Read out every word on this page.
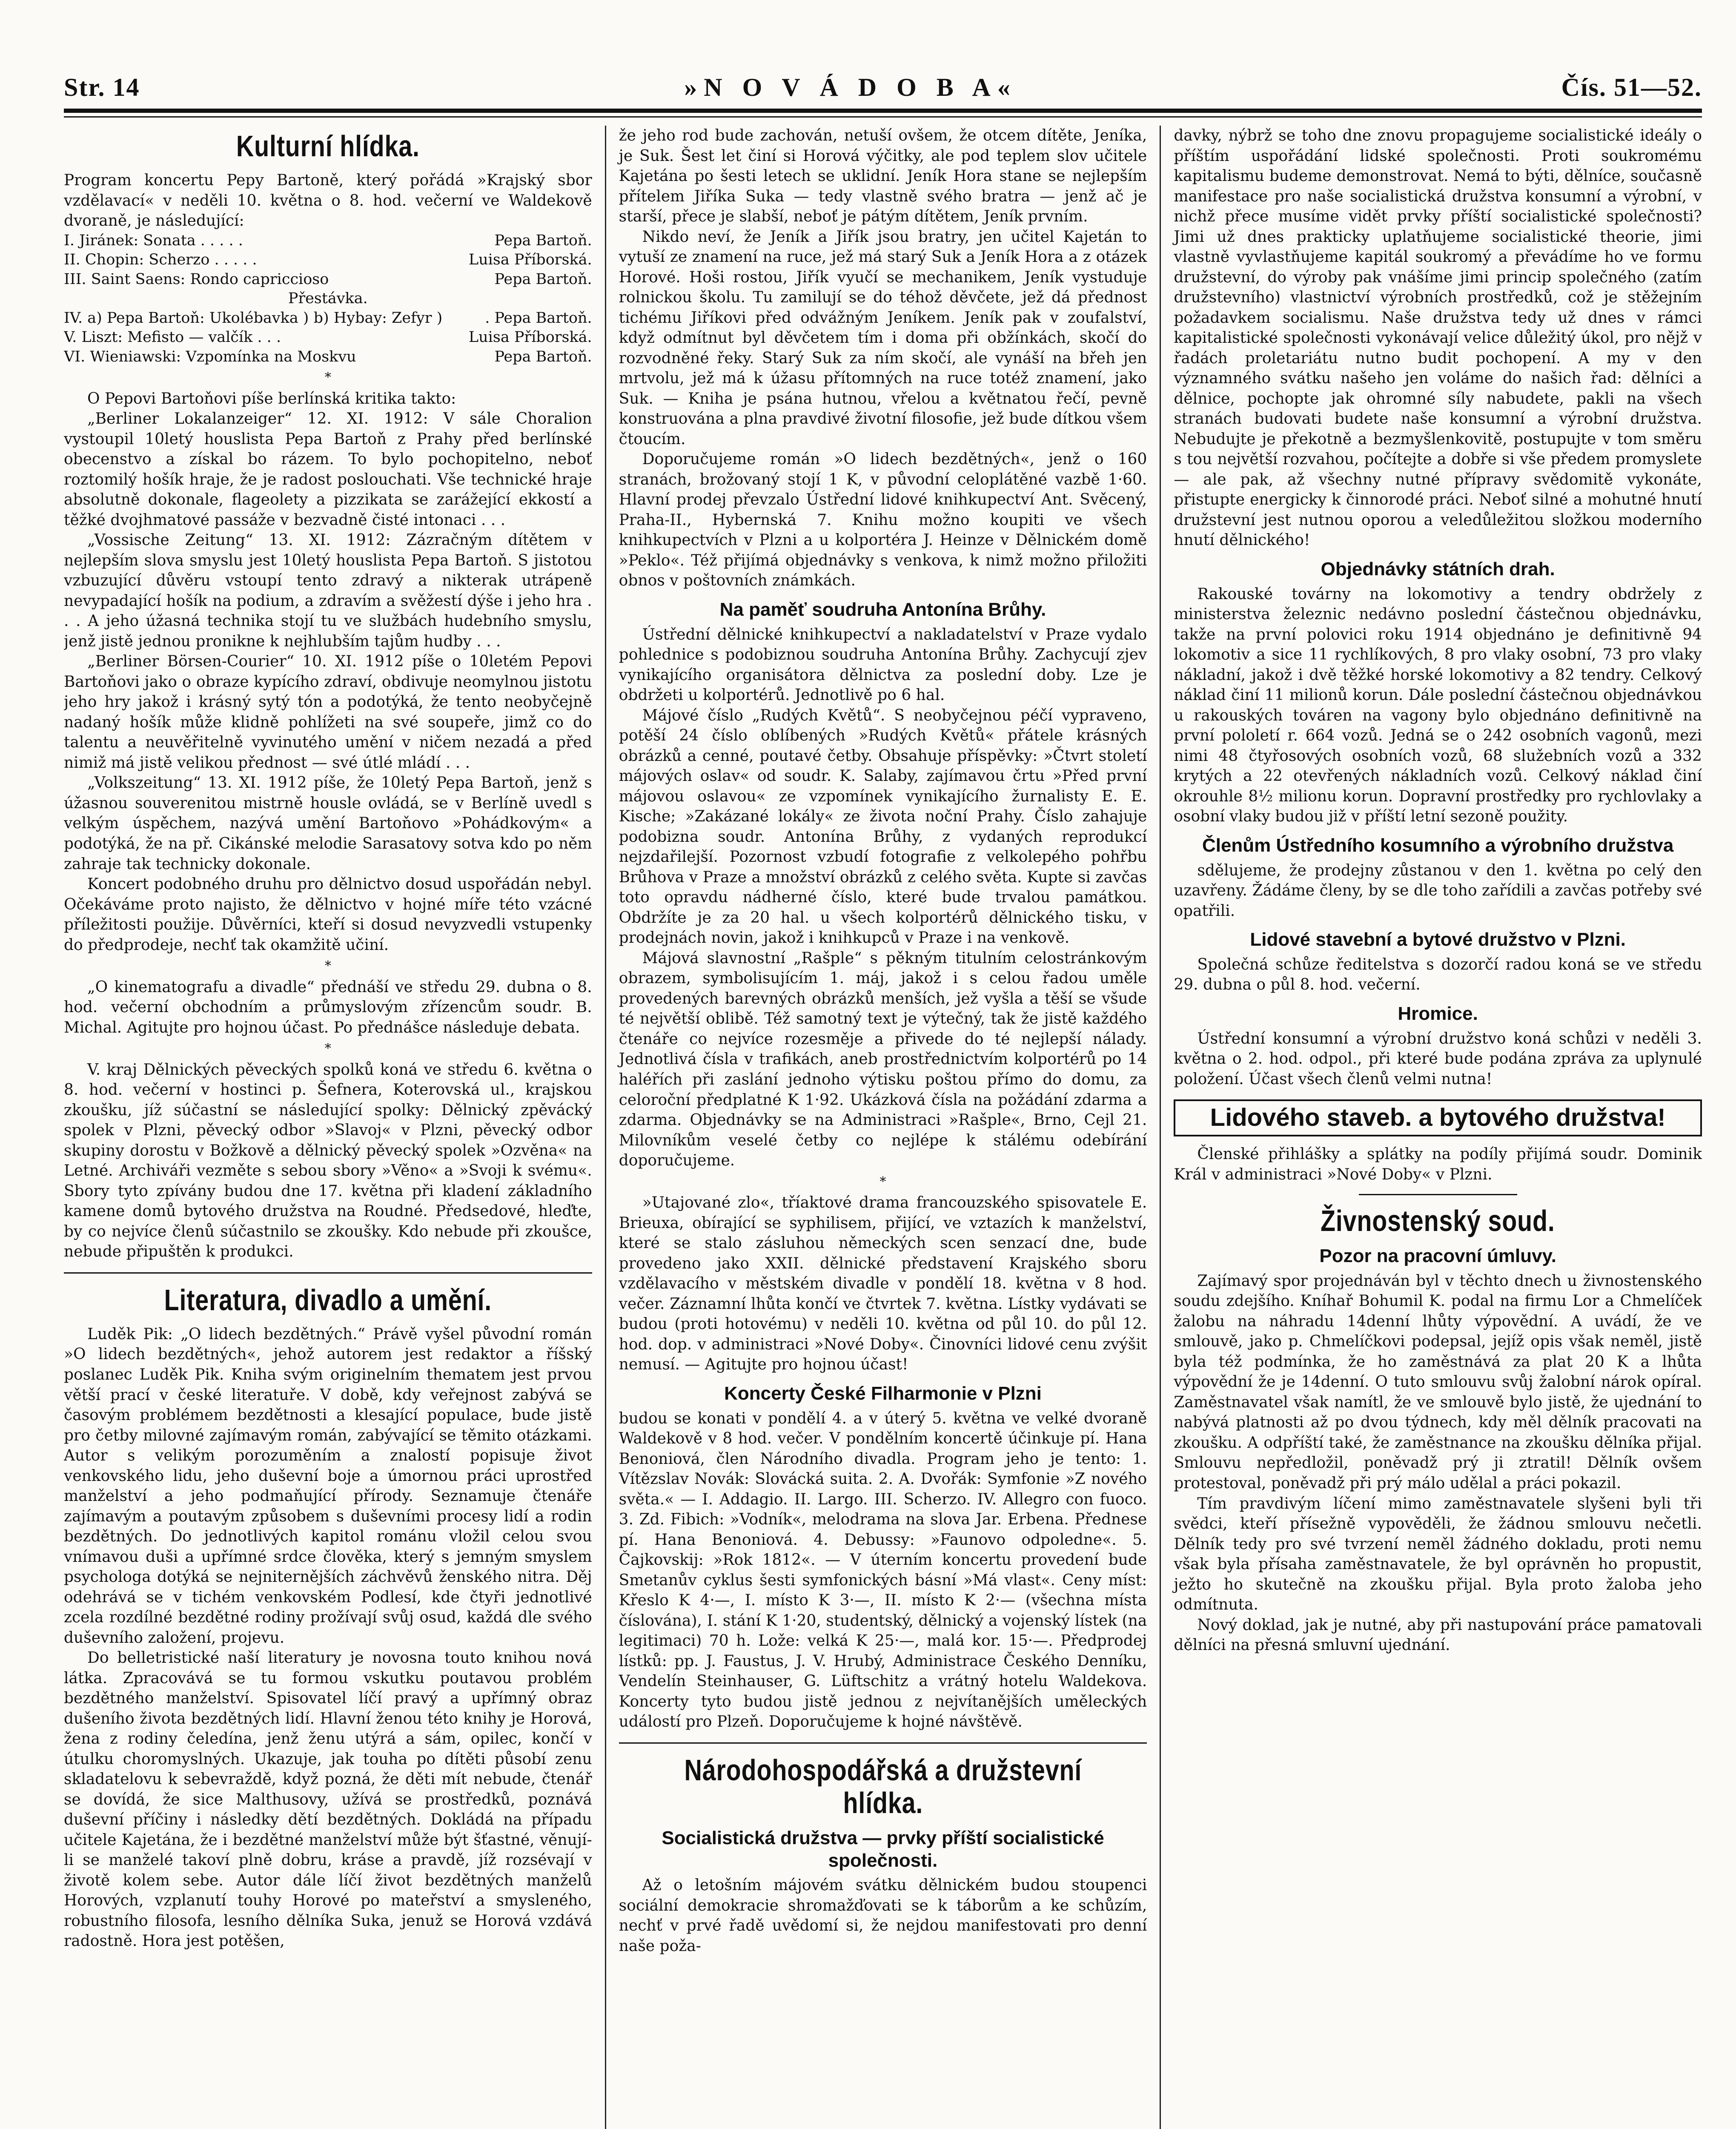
Str. 14	»N O V Á D O B A«	Čís. 51—52.
Kulturní hlídka.

Program koncertu Pepy Bartoně, který pořádá »Krajský sbor vzdělavací« v neděli 10. května o 8. hod. večerní ve Waldekově dvoraně, je následující:

I. Jiránek: Sonata . . . . .	Pepa Bartoň.
II. Chopin: Scherzo . . . . .	Luisa Příborská.
III. Saint Saens: Rondo capriccioso	Pepa Bartoň.
Přestávka.
IV. a) Pepa Bartoň: Ukolébavka ) b) Hybay: Zefyr )	. Pepa Bartoň.
V. Liszt: Mefisto — valčík . . .	Luisa Příborská.
VI. Wieniawski: Vzpomínka na Moskvu	Pepa Bartoň.
*

O Pepovi Bartoňovi píše berlínská kritika takto:

„Berliner Lokalanzeiger“ 12. XI. 1912: V sále Choralion vystoupil 10letý houslista Pepa Bartoň z Prahy před berlínské obecenstvo a získal bo rázem. To bylo pochopitelno, neboť roztomilý hošík hraje, že je radost poslouchati. Vše technické hraje absolutně dokonale, flageolety a pizzikata se zarážející ekkostí a těžké dvojhmatové passáže v bezvadně čisté intonaci . . .

„Vossische Zeitung“ 13. XI. 1912: Zázračným dítětem v nejlepším slova smyslu jest 10letý houslista Pepa Bartoň. S jistotou vzbuzující důvěru vstoupí tento zdravý a nikterak utrápeně nevypadající hošík na podium, a zdravím a svěžestí dýše i jeho hra . . . A jeho úžasná technika stojí tu ve službách hudebního smyslu, jenž jistě jednou pronikne k nejhlubším tajům hudby . . .

„Berliner Börsen-Courier“ 10. XI. 1912 píše o 10letém Pepovi Bartoňovi jako o obraze kypícího zdraví, obdivuje neomylnou jistotu jeho hry jakož i krásný sytý tón a podotýká, že tento neobyčejně nadaný hošík může klidně pohlížeti na své soupeře, jimž co do talentu a neuvěřitelně vyvinutého umění v ničem nezadá a před nimiž má jistě velikou přednost — své útlé mládí . . .

„Volkszeitung“ 13. XI. 1912 píše, že 10letý Pepa Bartoň, jenž s úžasnou souverenitou mistrně housle ovládá, se v Berlíně uvedl s velkým úspěchem, nazývá umění Bartoňovo »Pohádkovým« a podotýká, že na př. Cikánské melodie Sarasatovy sotva kdo po něm zahraje tak technicky dokonale.

Koncert podobného druhu pro dělnictvo dosud uspořádán nebyl. Očekáváme proto najisto, že dělnictvo v hojné míře této vzácné příležitosti použije. Důvěrníci, kteří si dosud nevyzvedli vstupenky do předprodeje, nechť tak okamžitě učiní.

*

„O kinematografu a divadle“ přednáší ve středu 29. dubna o 8. hod. večerní obchodním a průmyslovým zřízencům soudr. B. Michal. Agitujte pro hojnou účast. Po přednášce následuje debata.

*

V. kraj Dělnických pěveckých spolků koná ve středu 6. května o 8. hod. večerní v hostinci p. Šefnera, Koterovská ul., krajskou zkoušku, jíž súčastní se následující spolky: Dělnický zpěvácký spolek v Plzni, pěvecký odbor »Slavoj« v Plzni, pěvecký odbor skupiny dorostu v Božkově a dělnický pěvecký spolek »Ozvěna« na Letné. Archiváři vezměte s sebou sbory »Věno« a »Svoji k svému«. Sbory tyto zpívány budou dne 17. května při kladení základního kamene domů bytového družstva na Roudné. Předsedové, hleďte, by co nejvíce členů súčastnilo se zkoušky. Kdo nebude při zkoušce, nebude připuštěn k produkci.

Literatura, divadlo a umění.

Luděk Pik: „O lidech bezdětných.“ Právě vyšel původní román »O lidech bezdětných«, jehož autorem jest redaktor a říšský poslanec Luděk Pik. Kniha svým originelním thematem jest prvou větší prací v české literatuře. V době, kdy veřejnost zabývá se časovým problémem bezdětnosti a klesající populace, bude jistě pro četby milovné zajímavým román, zabývající se těmito otázkami. Autor s velikým porozuměním a znalostí popisuje život venkovského lidu, jeho duševní boje a úmornou práci uprostřed manželství a jeho podmaňující přírody. Seznamuje čtenáře zajímavým a poutavým způsobem s duševními procesy lidí a rodin bezdětných. Do jednotlivých kapitol románu vložil celou svou vnímavou duši a upřímné srdce člověka, který s jemným smyslem psychologa dotýká se nejniternějších záchvěvů ženského nitra. Děj odehrává se v tichém venkovském Podlesí, kde čtyři jednotlivé zcela rozdílné bezdětné rodiny prožívají svůj osud, každá dle svého duševního založení, projevu.

Do belletristické naší literatury je novosna touto knihou nová látka. Zpracovává se tu formou vskutku poutavou problém bezdětného manželství. Spisovatel líčí pravý a upřímný obraz dušeního života bezdětných lidí. Hlavní ženou této knihy je Horová, žena z rodiny čeledína, jenž ženu utýrá a sám, opilec, končí v útulku choromyslných. Ukazuje, jak touha po dítěti působí zenu skladatelovu k sebevraždě, když pozná, že děti mít nebude, čtenář se dovídá, že sice Malthusovy, užívá se prostředků, poznává duševní příčiny i následky dětí bezdětných. Dokládá na případu učitele Kajetána, že i bezdětné manželství může být šťastné, věnují-li se manželé takoví plně dobru, kráse a pravdě, jíž rozsévají v životě kolem sebe. Autor dále líčí život bezdětných manželů Horových, vzplanutí touhy Horové po mateřství a smysleného, robustního filosofa, lesního dělníka Suka, jenuž se Horová vzdává radostně. Hora jest potěšen,

že jeho rod bude zachován, netuší ovšem, že otcem dítěte, Jeníka, je Suk. Šest let činí si Horová výčitky, ale pod teplem slov učitele Kajetána po šesti letech se uklidní. Jeník Hora stane se nejlepším přítelem Jiříka Suka — tedy vlastně svého bratra — jenž ač je starší, přece je slabší, neboť je pátým dítětem, Jeník prvním.

Nikdo neví, že Jeník a Jiřík jsou bratry, jen učitel Kajetán to vytuší ze znamení na ruce, jež má starý Suk a Jeník Hora a z otázek Horové. Hoši rostou, Jiřík vyučí se mechanikem, Jeník vystuduje rolnickou školu. Tu zamilují se do téhož děvčete, jež dá přednost tichému Jiříkovi před odvážným Jeníkem. Jeník pak v zoufalství, když odmítnut byl děvčetem tím i doma při obžínkách, skočí do rozvodněné řeky. Starý Suk za ním skočí, ale vynáší na břeh jen mrtvolu, jež má k úžasu přítomných na ruce totéž znamení, jako Suk. — Kniha je psána hutnou, vřelou a květnatou řečí, pevně konstruována a plna pravdivé životní filosofie, jež bude dítkou všem čtoucím.

Doporučujeme román »O lidech bezdětných«, jenž o 160 stranách, brožovaný stojí 1 K, v původní celoplátěné vazbě 1·60. Hlavní prodej převzalo Ústřední lidové knihkupectví Ant. Svěcený, Praha-II., Hybernská 7. Knihu možno koupiti ve všech knihkupectvích v Plzni a u kolportéra J. Heinze v Dělnickém domě »Peklo«. Též přijímá objednávky s venkova, k nimž možno přiložiti obnos v poštovních známkách.

Na paměť soudruha Antonína Brůhy.

Ústřední dělnické knihkupectví a nakladatelství v Praze vydalo pohlednice s podobiznou soudruha Antonína Brůhy. Zachycují zjev vynikajícího organisátora dělnictva za poslední doby. Lze je obdržeti u kolportérů. Jednotlivě po 6 hal.

Májové číslo „Rudých Květů“. S neobyčejnou péčí vypraveno, potěší 24 číslo oblíbených »Rudých Květů« přátele krásných obrázků a cenné, poutavé četby. Obsahuje příspěvky: »Čtvrt století májových oslav« od soudr. K. Salaby, zajímavou črtu »Před první májovou oslavou« ze vzpomínek vynikajícího žurnalisty E. E. Kische; »Zakázané lokály« ze života noční Prahy. Číslo zahajuje podobizna soudr. Antonína Brůhy, z vydaných reprodukcí nejzdařilejší. Pozornost vzbudí fotografie z velkolepého pohřbu Brůhova v Praze a množství obrázků z celého světa. Kupte si zavčas toto opravdu nádherné číslo, které bude trvalou památkou. Obdržíte je za 20 hal. u všech kolportérů dělnického tisku, v prodejnách novin, jakož i knihkupců v Praze i na venkově.

Májová slavnostní „Rašple“ s pěkným titulním celostránkovým obrazem, symbolisujícím 1. máj, jakož i s celou řadou uměle provedených barevných obrázků menších, jež vyšla a těší se všude té největší oblibě. Též samotný text je výtečný, tak že jistě každého čtenáře co nejvíce rozesměje a přivede do té nejlepší nálady. Jednotlivá čísla v trafikách, aneb prostřednictvím kolportérů po 14 haléřích při zaslání jednoho výtisku poštou přímo do domu, za celoroční předplatné K 1·92. Ukázková čísla na požádání zdarma a zdarma. Objednávky se na Administraci »Rašple«, Brno, Cejl 21. Milovníkům veselé četby co nejlépe k stálému odebírání doporučujeme.

*

»Utajované zlo«, tříaktové drama francouzského spisovatele E. Brieuxa, obírající se syphilisem, přijící, ve vztazích k manželství, které se stalo zásluhou německých scen senzací dne, bude provedeno jako XXII. dělnické představení Krajského sboru vzdělavacího v městském divadle v pondělí 18. května v 8 hod. večer. Záznamní lhůta končí ve čtvrtek 7. května. Lístky vydávati se budou (proti hotovému) v neděli 10. května od půl 10. do půl 12. hod. dop. v administraci »Nové Doby«. Činovníci lidové cenu zvýšit nemusí. — Agitujte pro hojnou účast!

Koncerty České Filharmonie v Plzni

budou se konati v pondělí 4. a v úterý 5. května ve velké dvoraně Waldekově v 8 hod. večer. V pondělním koncertě účinkuje pí. Hana Benoniová, člen Národního divadla. Program jeho je tento: 1. Vítězslav Novák: Slovácká suita. 2. A. Dvořák: Symfonie »Z nového světa.« — I. Addagio. II. Largo. III. Scherzo. IV. Allegro con fuoco. 3. Zd. Fibich: »Vodník«, melodrama na slova Jar. Erbena. Přednese pí. Hana Benoniová. 4. Debussy: »Faunovo odpoledne«. 5. Čajkovskij: »Rok 1812«. — V úterním koncertu provedení bude Smetanův cyklus šesti symfonických básní »Má vlast«. Ceny míst: Křeslo K 4·—, I. místo K 3·—, II. místo K 2·— (všechna místa číslována), I. stání K 1·20, studentský, dělnický a vojenský lístek (na legitimaci) 70 h. Lože: velká K 25·—, malá kor. 15·—. Předprodej lístků: pp. J. Faustus, J. V. Hrubý, Administrace Českého Denníku, Vendelín Steinhauser, G. Lüftschitz a vrátný hotelu Waldekova. Koncerty tyto budou jistě jednou z nejvítanějších uměleckých událostí pro Plzeň. Doporučujeme k hojné návštěvě.

Národohospodářská a družstevní hlídka.
Socialistická družstva — prvky příští socialistické společnosti.

Až o letošním májovém svátku dělnickém budou stoupenci sociální demokracie shromažďovati se k táborům a ke schůzím, nechť v prvé řadě uvědomí si, že nejdou manifestovati pro denní naše poža-

davky, nýbrž se toho dne znovu propagujeme socialistické ideály o příštím uspořádání lidské společnosti. Proti soukromému kapitalismu budeme demonstrovat. Nemá to býti, dělníce, současně manifestace pro naše socialistická družstva konsumní a výrobní, v nichž přece musíme vidět prvky příští socialistické společnosti? Jimi už dnes prakticky uplatňujeme socialistické theorie, jimi vlastně vyvlastňujeme kapitál soukromý a převádíme ho ve formu družstevní, do výroby pak vnášíme jimi princip společného (zatím družstevního) vlastnictví výrobních prostředků, což je stěžejním požadavkem socialismu. Naše družstva tedy už dnes v rámci kapitalistické společnosti vykonávají velice důležitý úkol, pro nějž v řadách proletariátu nutno budit pochopení. A my v den významného svátku našeho jen voláme do našich řad: dělníci a dělnice, pochopte jak ohromné síly nabudete, pakli na všech stranách budovati budete naše konsumní a výrobní družstva. Nebudujte je překotně a bezmyšlenkovitě, postupujte v tom směru s tou největší rozvahou, počítejte a dobře si vše předem promyslete — ale pak, až všechny nutné přípravy svědomitě vykonáte, přistupte energicky k činnorodé práci. Neboť silné a mohutné hnutí družstevní jest nutnou oporou a veledůležitou složkou moderního hnutí dělnického!

Objednávky státních drah.

Rakouské továrny na lokomotivy a tendry obdržely z ministerstva železnic nedávno poslední částečnou objednávku, takže na první polovici roku 1914 objednáno je definitivně 94 lokomotiv a sice 11 rychlíkových, 8 pro vlaky osobní, 73 pro vlaky nákladní, jakož i dvě těžké horské lokomotivy a 82 tendry. Celkový náklad činí 11 milionů korun. Dále poslední částečnou objednávkou u rakouských továren na vagony bylo objednáno definitivně na první pololetí r. 664 vozů. Jedná se o 242 osobních vagonů, mezi nimi 48 čtyřosových osobních vozů, 68 služebních vozů a 332 krytých a 22 otevřených nákladních vozů. Celkový náklad činí okrouhle 8½ milionu korun. Dopravní prostředky pro rychlovlaky a osobní vlaky budou již v příští letní sezoně použity.

Členům Ústředního kosumního a výrobního družstva

sdělujeme, že prodejny zůstanou v den 1. května po celý den uzavřeny. Žádáme členy, by se dle toho zařídili a zavčas potřeby své opatřili.

Lidové stavební a bytové družstvo v Plzni.

Společná schůze ředitelstva s dozorčí radou koná se ve středu 29. dubna o půl 8. hod. večerní.

Hromice.

Ústřední konsumní a výrobní družstvo koná schůzi v neděli 3. května o 2. hod. odpol., při které bude podána zpráva za uplynulé položení. Účast všech členů velmi nutna!

Lidového staveb. a bytového družstva!

Členské přihlášky a splátky na podíly přijímá soudr. Dominik Král v administraci »Nové Doby« v Plzni.

Živnostenský soud.
Pozor na pracovní úmluvy.

Zajímavý spor projednáván byl v těchto dnech u živnostenského soudu zdejšího. Kníhař Bohumil K. podal na firmu Lor a Chmelíček žalobu na náhradu 14denní lhůty výpovědní. A uvádí, že ve smlouvě, jako p. Chmelíčkovi podepsal, jejíž opis však neměl, jistě byla též podmínka, že ho zaměstnává za plat 20 K a lhůta výpovědní že je 14denní. O tuto smlouvu svůj žalobní nárok opíral. Zaměstnavatel však namítl, že ve smlouvě bylo jistě, že ujednání to nabývá platnosti až po dvou týdnech, kdy měl dělník pracovati na zkoušku. A odpříští také, že zaměstnance na zkoušku dělníka přijal. Smlouvu nepředložil, poněvadž prý ji ztratil! Dělník ovšem protestoval, poněvadž při prý málo udělal a práci pokazil.

Tím pravdivým líčení mimo zaměstnavatele slyšeni byli tři svědci, kteří přísežně vypověděli, že žádnou smlouvu nečetli. Dělník tedy pro své tvrzení neměl žádného dokladu, proti nemu však byla přísaha zaměstnavatele, že byl oprávněn ho propustit, ježto ho skutečně na zkoušku přijal. Byla proto žaloba jeho odmítnuta.

Nový doklad, jak je nutné, aby při nastupování práce pamatovali dělníci na přesná smluvní ujednání.
